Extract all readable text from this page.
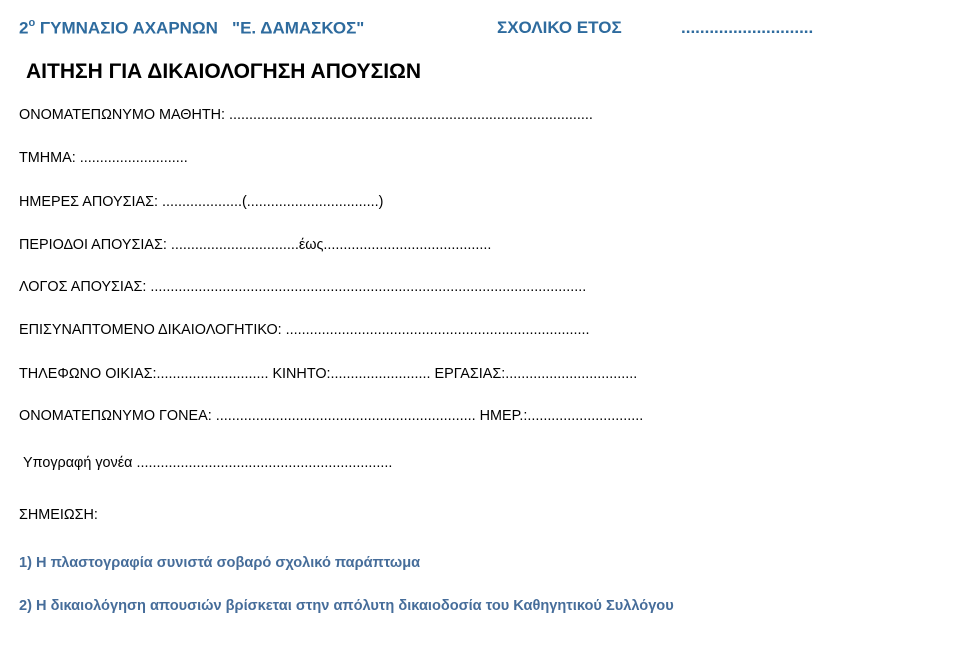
$2^o$ ΓΥΜΝΑΣΙΟ ΑΧΑΡΝΩΝ   "Ε. ΔΑΜΑΣΚΟΣ"	ΣΧΟΛΙΚΟ ΕΤΟΣ	............................
ΑΙΤΗΣΗ ΓΙΑ ΔΙΚΑΙΟΛΟΓΗΣΗ ΑΠΟΥΣΙΩΝ
ΟΝΟΜΑΤΕΠΩΝΥΜΟ ΜΑΘΗΤΗ: ...........................................................................................
ΤΜΗΜΑ: ...........................
ΗΜΕΡΕΣ ΑΠΟΥΣΙΑΣ: ....................(.................................)
ΠΕΡΙΟΔΟΙ ΑΠΟΥΣΙΑΣ: ................................έως..........................................
ΛΟΓΟΣ ΑΠΟΥΣΙΑΣ: .............................................................................................................
ΕΠΙΣΥΝΑΠΤΟΜΕΝΟ ΔΙΚΑΙΟΛΟΓΗΤΙΚΟ: ............................................................................
ΤΗΛΕΦΩΝΟ ΟΙΚΙΑΣ:............................ ΚΙΝΗΤΟ:......................... ΕΡΓΑΣΙΑΣ:.................................
ΟΝΟΜΑΤΕΠΩΝΥΜΟ ΓΟΝΕΑ: ................................................................. ΗΜΕΡ.:.............................
Υπογραφή γονέα ................................................................
ΣΗΜΕΙΩΣΗ:
1) Η πλαστογραφία συνιστά σοβαρό σχολικό παράπτωμα
2) Η δικαιολόγηση απουσιών βρίσκεται στην απόλυτη δικαιοδοσία του Καθηγητικού Συλλόγου
